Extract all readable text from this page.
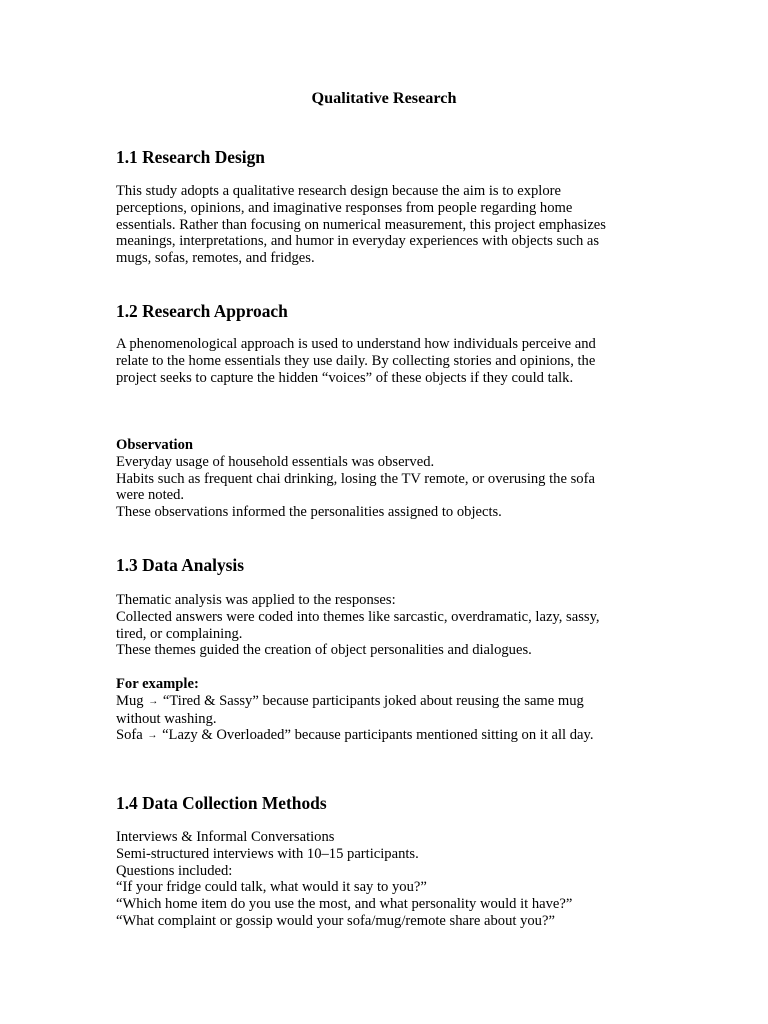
Qualitative Research
1.1 Research Design

This study adopts a qualitative research design because the aim is to explore

perceptions, opinions, and imaginative responses from people regarding home

essentials. Rather than focusing on numerical measurement, this project emphasizes

meanings, interpretations, and humor in everyday experiences with objects such as

mugs, sofas, remotes, and fridges.

1.2 Research Approach

A phenomenological approach is used to understand how individuals perceive and

relate to the home essentials they use daily. By collecting stories and opinions, the

project seeks to capture the hidden “voices” of these objects if they could talk.

Observation

Everyday usage of household essentials was observed.

Habits such as frequent chai drinking, losing the TV remote, or overusing the sofa

were noted.

These observations informed the personalities assigned to objects.

1.3 Data Analysis

Thematic analysis was applied to the responses:

Collected answers were coded into themes like sarcastic, overdramatic, lazy, sassy,

tired, or complaining.

These themes guided the creation of object personalities and dialogues.

For example:

Mug → “Tired & Sassy” because participants joked about reusing the same mug

without washing.

Sofa → “Lazy & Overloaded” because participants mentioned sitting on it all day.

1.4 Data Collection Methods

Interviews & Informal Conversations

Semi-structured interviews with 10–15 participants.

Questions included:

“If your fridge could talk, what would it say to you?”

“Which home item do you use the most, and what personality would it have?”

“What complaint or gossip would your sofa/mug/remote share about you?”
